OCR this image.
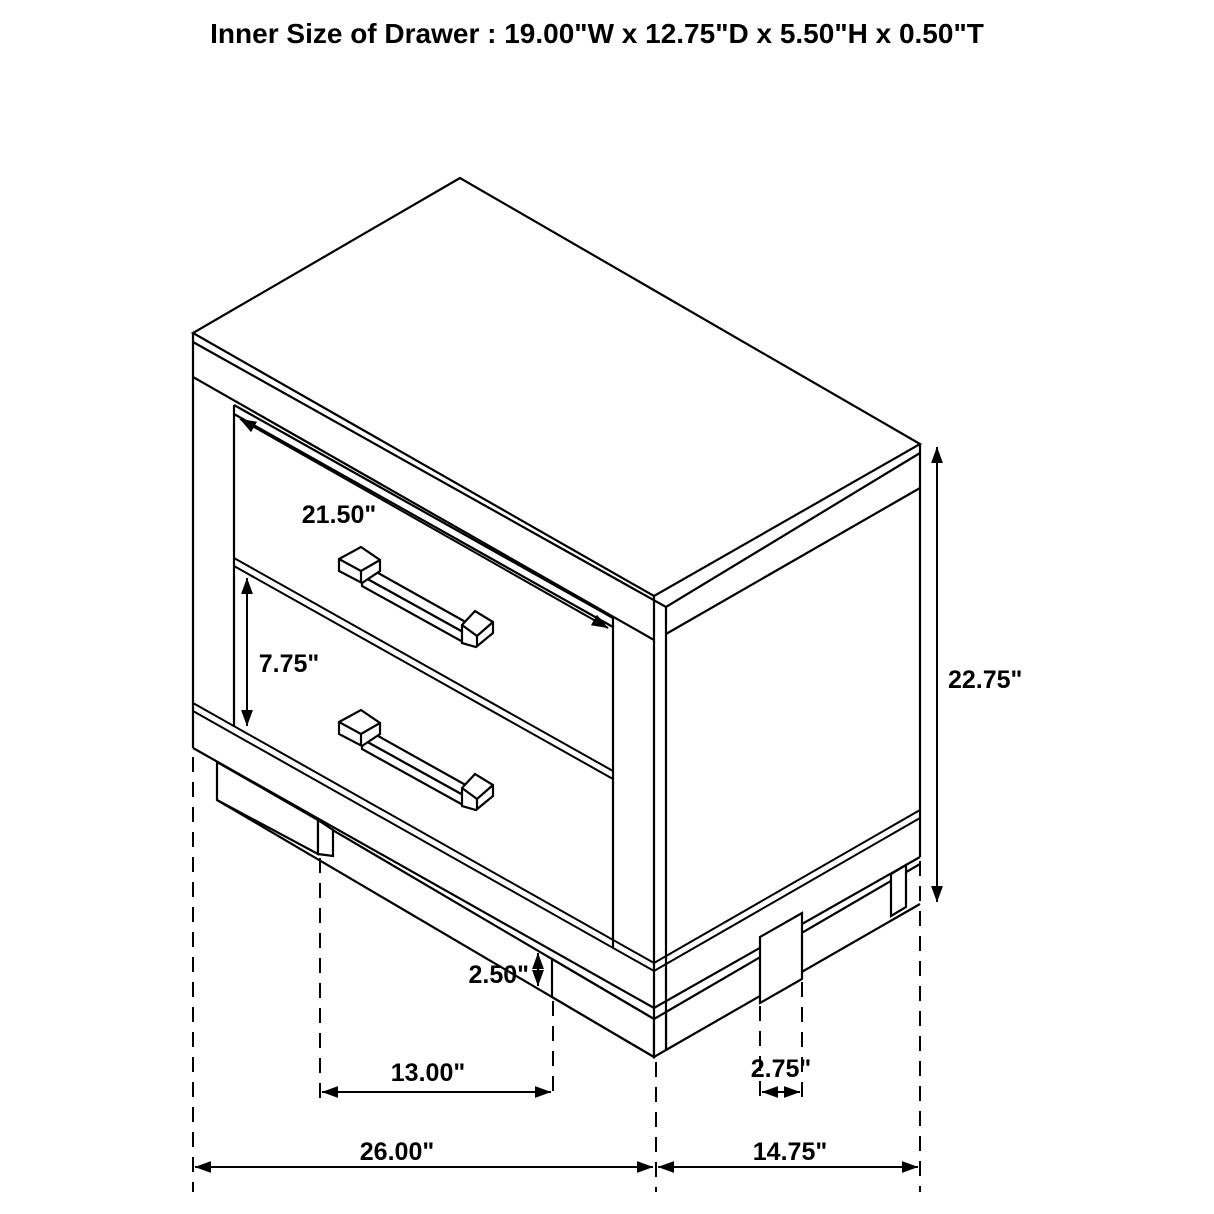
21.50"
7.75"
22.75"
2.50"
13.00"	2.75"
26.00"	14.75"
Inner Size of Drawer : 19.00"W x 12.75"D x 5.50"H x 0.50"T
